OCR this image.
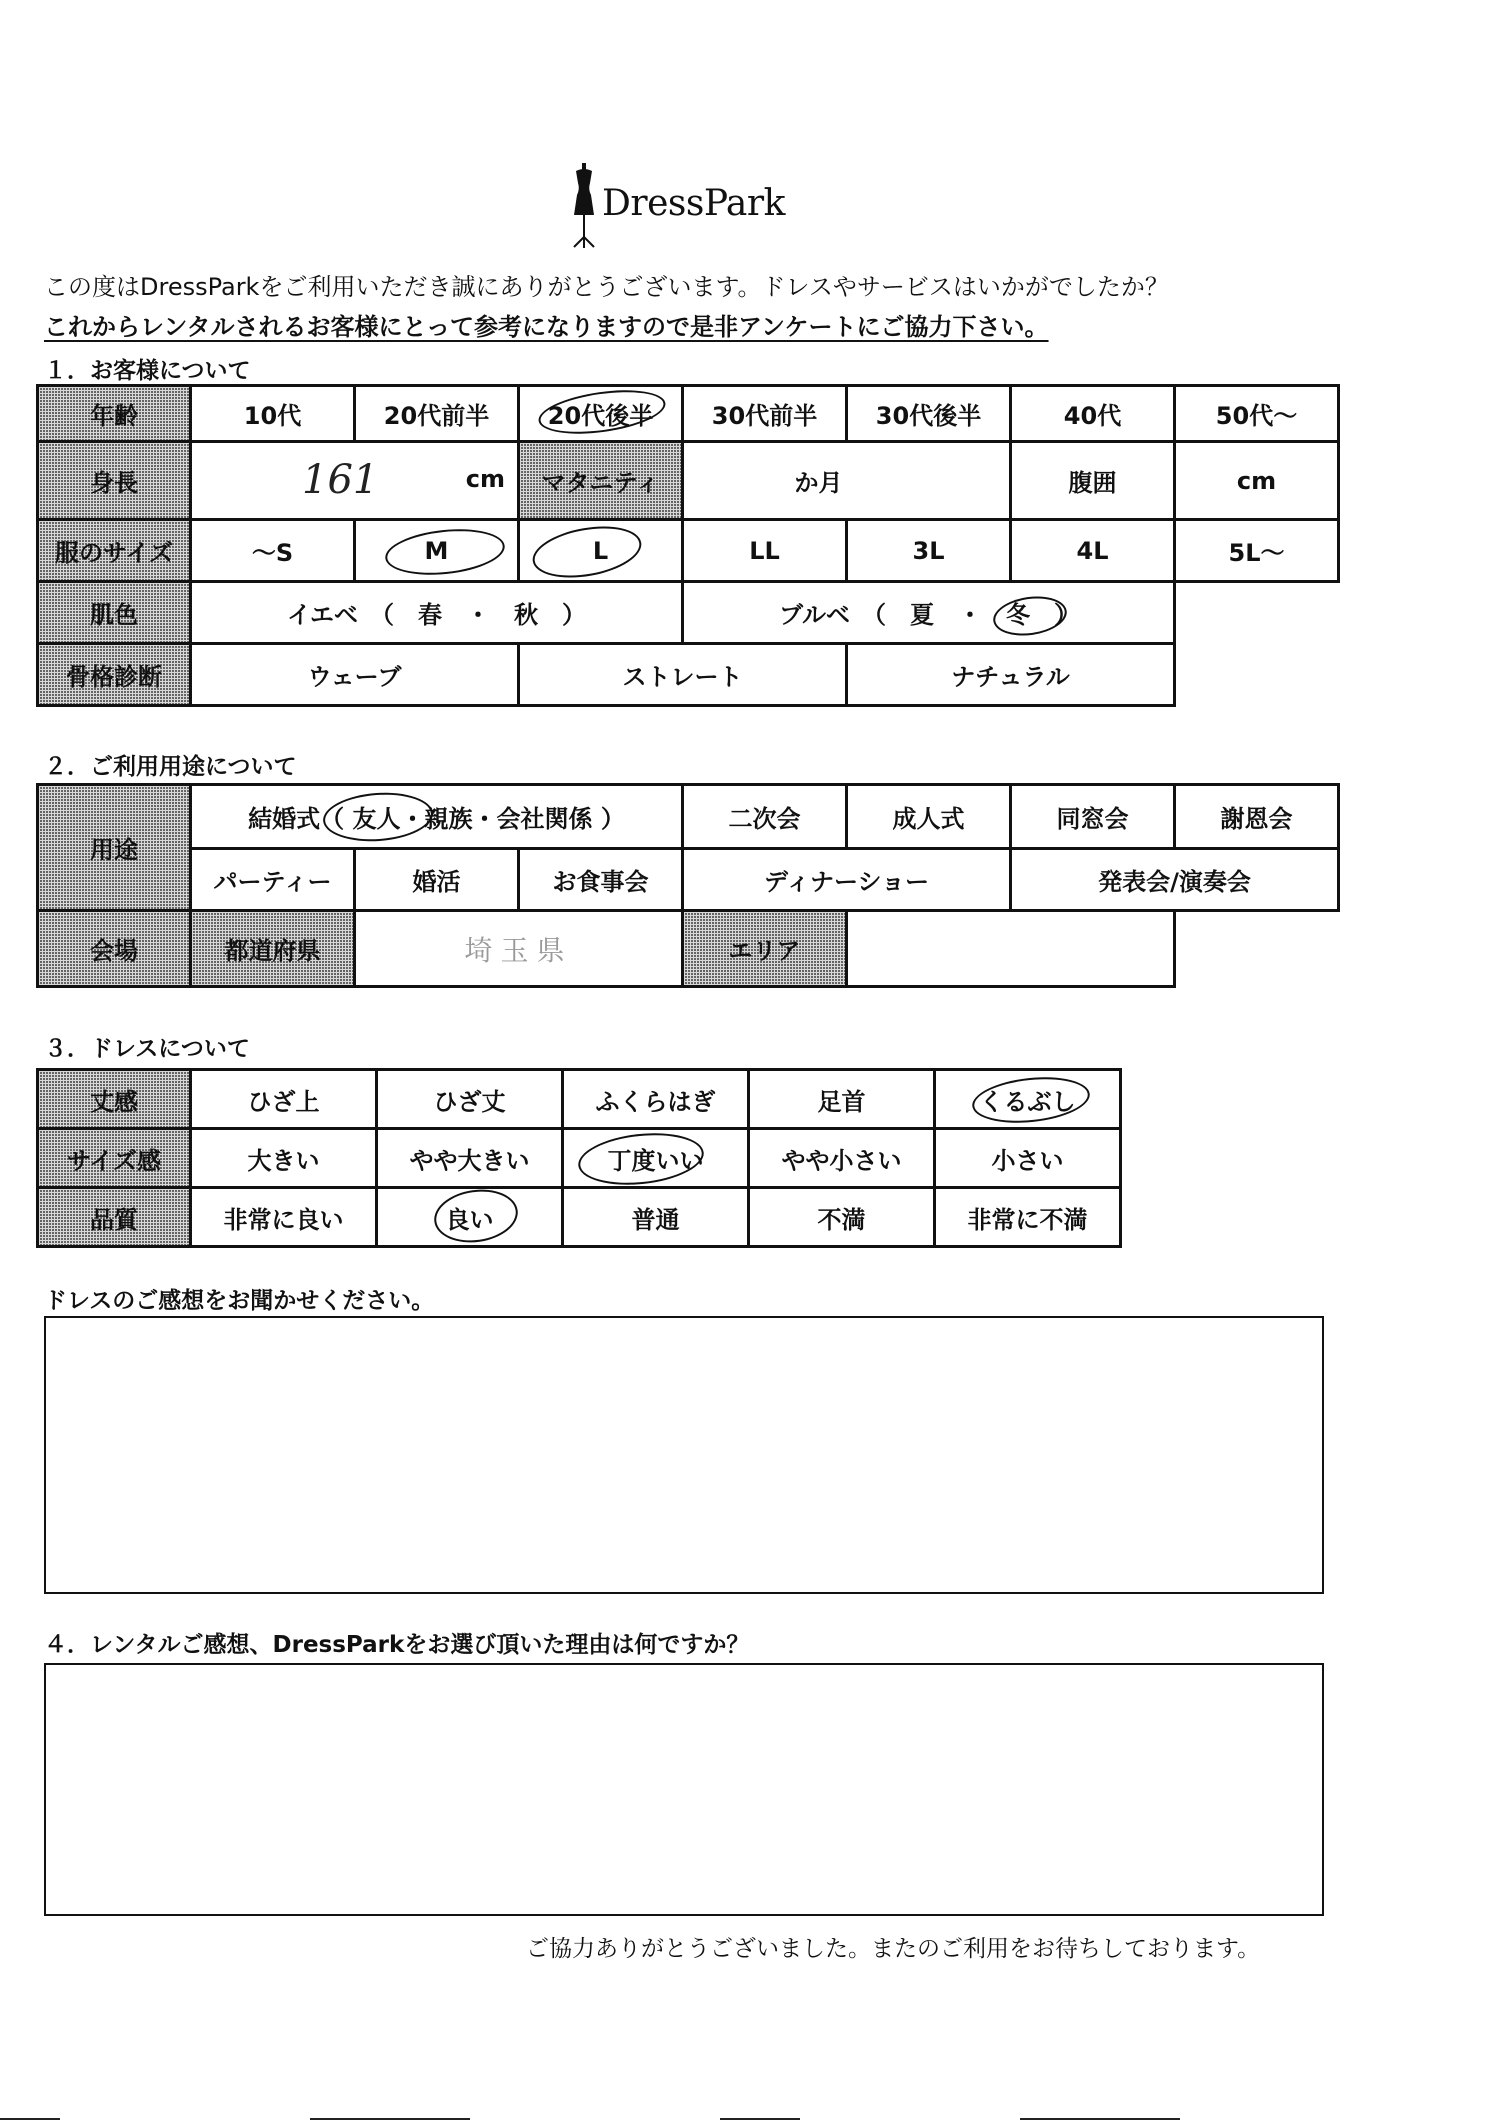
DressPark
この度はDressParkをご利用いただき誠にありがとうございます。ドレスやサービスはいかがでしたか？
これからレンタルされるお客様にとって参考になりますので是非アンケートにご協力下さい。
１．お客様について
年齢	10代	20代前半	20代後半	30代前半	30代後半	40代	50代～
身長	161 cm		マタニティ	か月		腹囲	cm
服のサイズ	～S	M	L	LL	3L	4L	5L～
肌色	イエベ　（　春　・　秋　）			ブルベ　（　夏　・　冬　）			
骨格診断	ウェーブ		ストレート		ナチュラル		
２．ご利用用途について
用途	結婚式（ 友人・親族・会社関係 ）			二次会	成人式	同窓会	謝恩会
	パーティー	婚活	お食事会	ディナーショー		発表会/演奏会	
会場	都道府県	埼玉県		エリア			
３．ドレスについて
丈感	ひざ上	ひざ丈	ふくらはぎ	足首	くるぶし
サイズ感	大きい	やや大きい	丁度いい	やや小さい	小さい
品質	非常に良い	良い	普通	不満	非常に不満
ドレスのご感想をお聞かせください。
４．レンタルご感想、DressParkをお選び頂いた理由は何ですか？
ご協力ありがとうございました。またのご利用をお待ちしております。
